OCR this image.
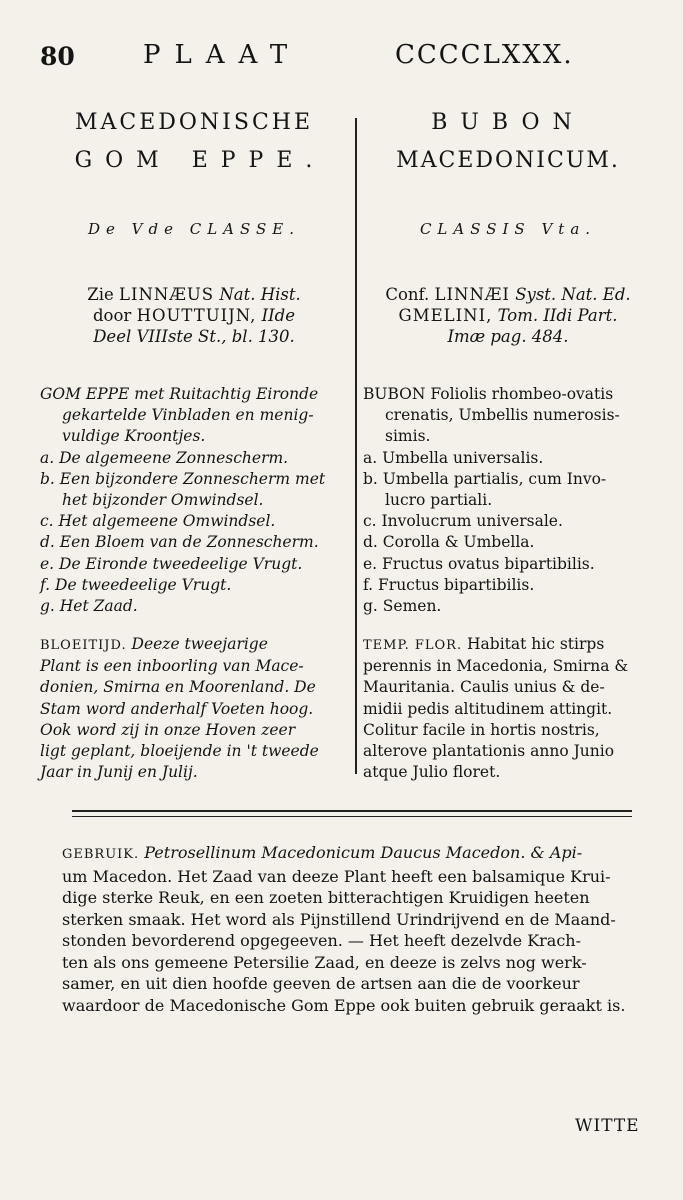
80	PLAAT	CCCCLXXX.
MACEDONISCHE
GOM EPPE.
BUBON
MACEDONICUM.
De Vde CLASSE.	CLASSIS Vta.
Zie LINNÆUS Nat. Hist.
door HOUTTUIJN, IIde
Deel VIIIste St., bl. 130.
Conf. LINNÆI Syst. Nat. Ed.
GMELINI, Tom. IIdi Part.
Imæ pag. 484.
GOM EPPE met Ruitachtig Eironde
gekartelde Vinbladen en menig-
vuldige Kroontjes.
a. De algemeene Zonnescherm.
b. Een bijzondere Zonnescherm met
het bijzonder Omwindsel.
c. Het algemeene Omwindsel.
d. Een Bloem van de Zonnescherm.
e. De Eironde tweedeelige Vrugt.
f. De tweedeelige Vrugt.
g. Het Zaad.
BUBON Foliolis rhombeo-ovatis
crenatis, Umbellis numerosis-
simis.
a. Umbella universalis.
b. Umbella partialis, cum Invo-
lucro partiali.
c. Involucrum universale.
d. Corolla & Umbella.
e. Fructus ovatus bipartibilis.
f. Fructus bipartibilis.
g. Semen.
BLOEITIJD. Deeze tweejarige
Plant is een inboorling van Mace-
donien, Smirna en Moorenland. De
Stam word anderhalf Voeten hoog.
Ook word zij in onze Hoven zeer
ligt geplant, bloeijende in 't tweede
Jaar in Junij en Julij.
TEMP. FLOR. Habitat hic stirps
perennis in Macedonia, Smirna &
Mauritania. Caulis unius & de-
midii pedis altitudinem attingit.
Colitur facile in hortis nostris,
alterove plantationis anno Junio
atque Julio floret.
GEBRUIK. Petrosellinum Macedonicum Daucus Macedon. & Api-
um Macedon. Het Zaad van deeze Plant heeft een balsamique Krui-
dige sterke Reuk, en een zoeten bitterachtigen Kruidigen heeten
sterken smaak. Het word als Pijnstillend Urindrijvend en de Maand-
stonden bevorderend opgegeeven. — Het heeft dezelvde Krach-
ten als ons gemeene Petersilie Zaad, en deeze is zelvs nog werk-
samer, en uit dien hoofde geeven de artsen aan die de voorkeur
waardoor de Macedonische Gom Eppe ook buiten gebruik geraakt is.
WITTE
